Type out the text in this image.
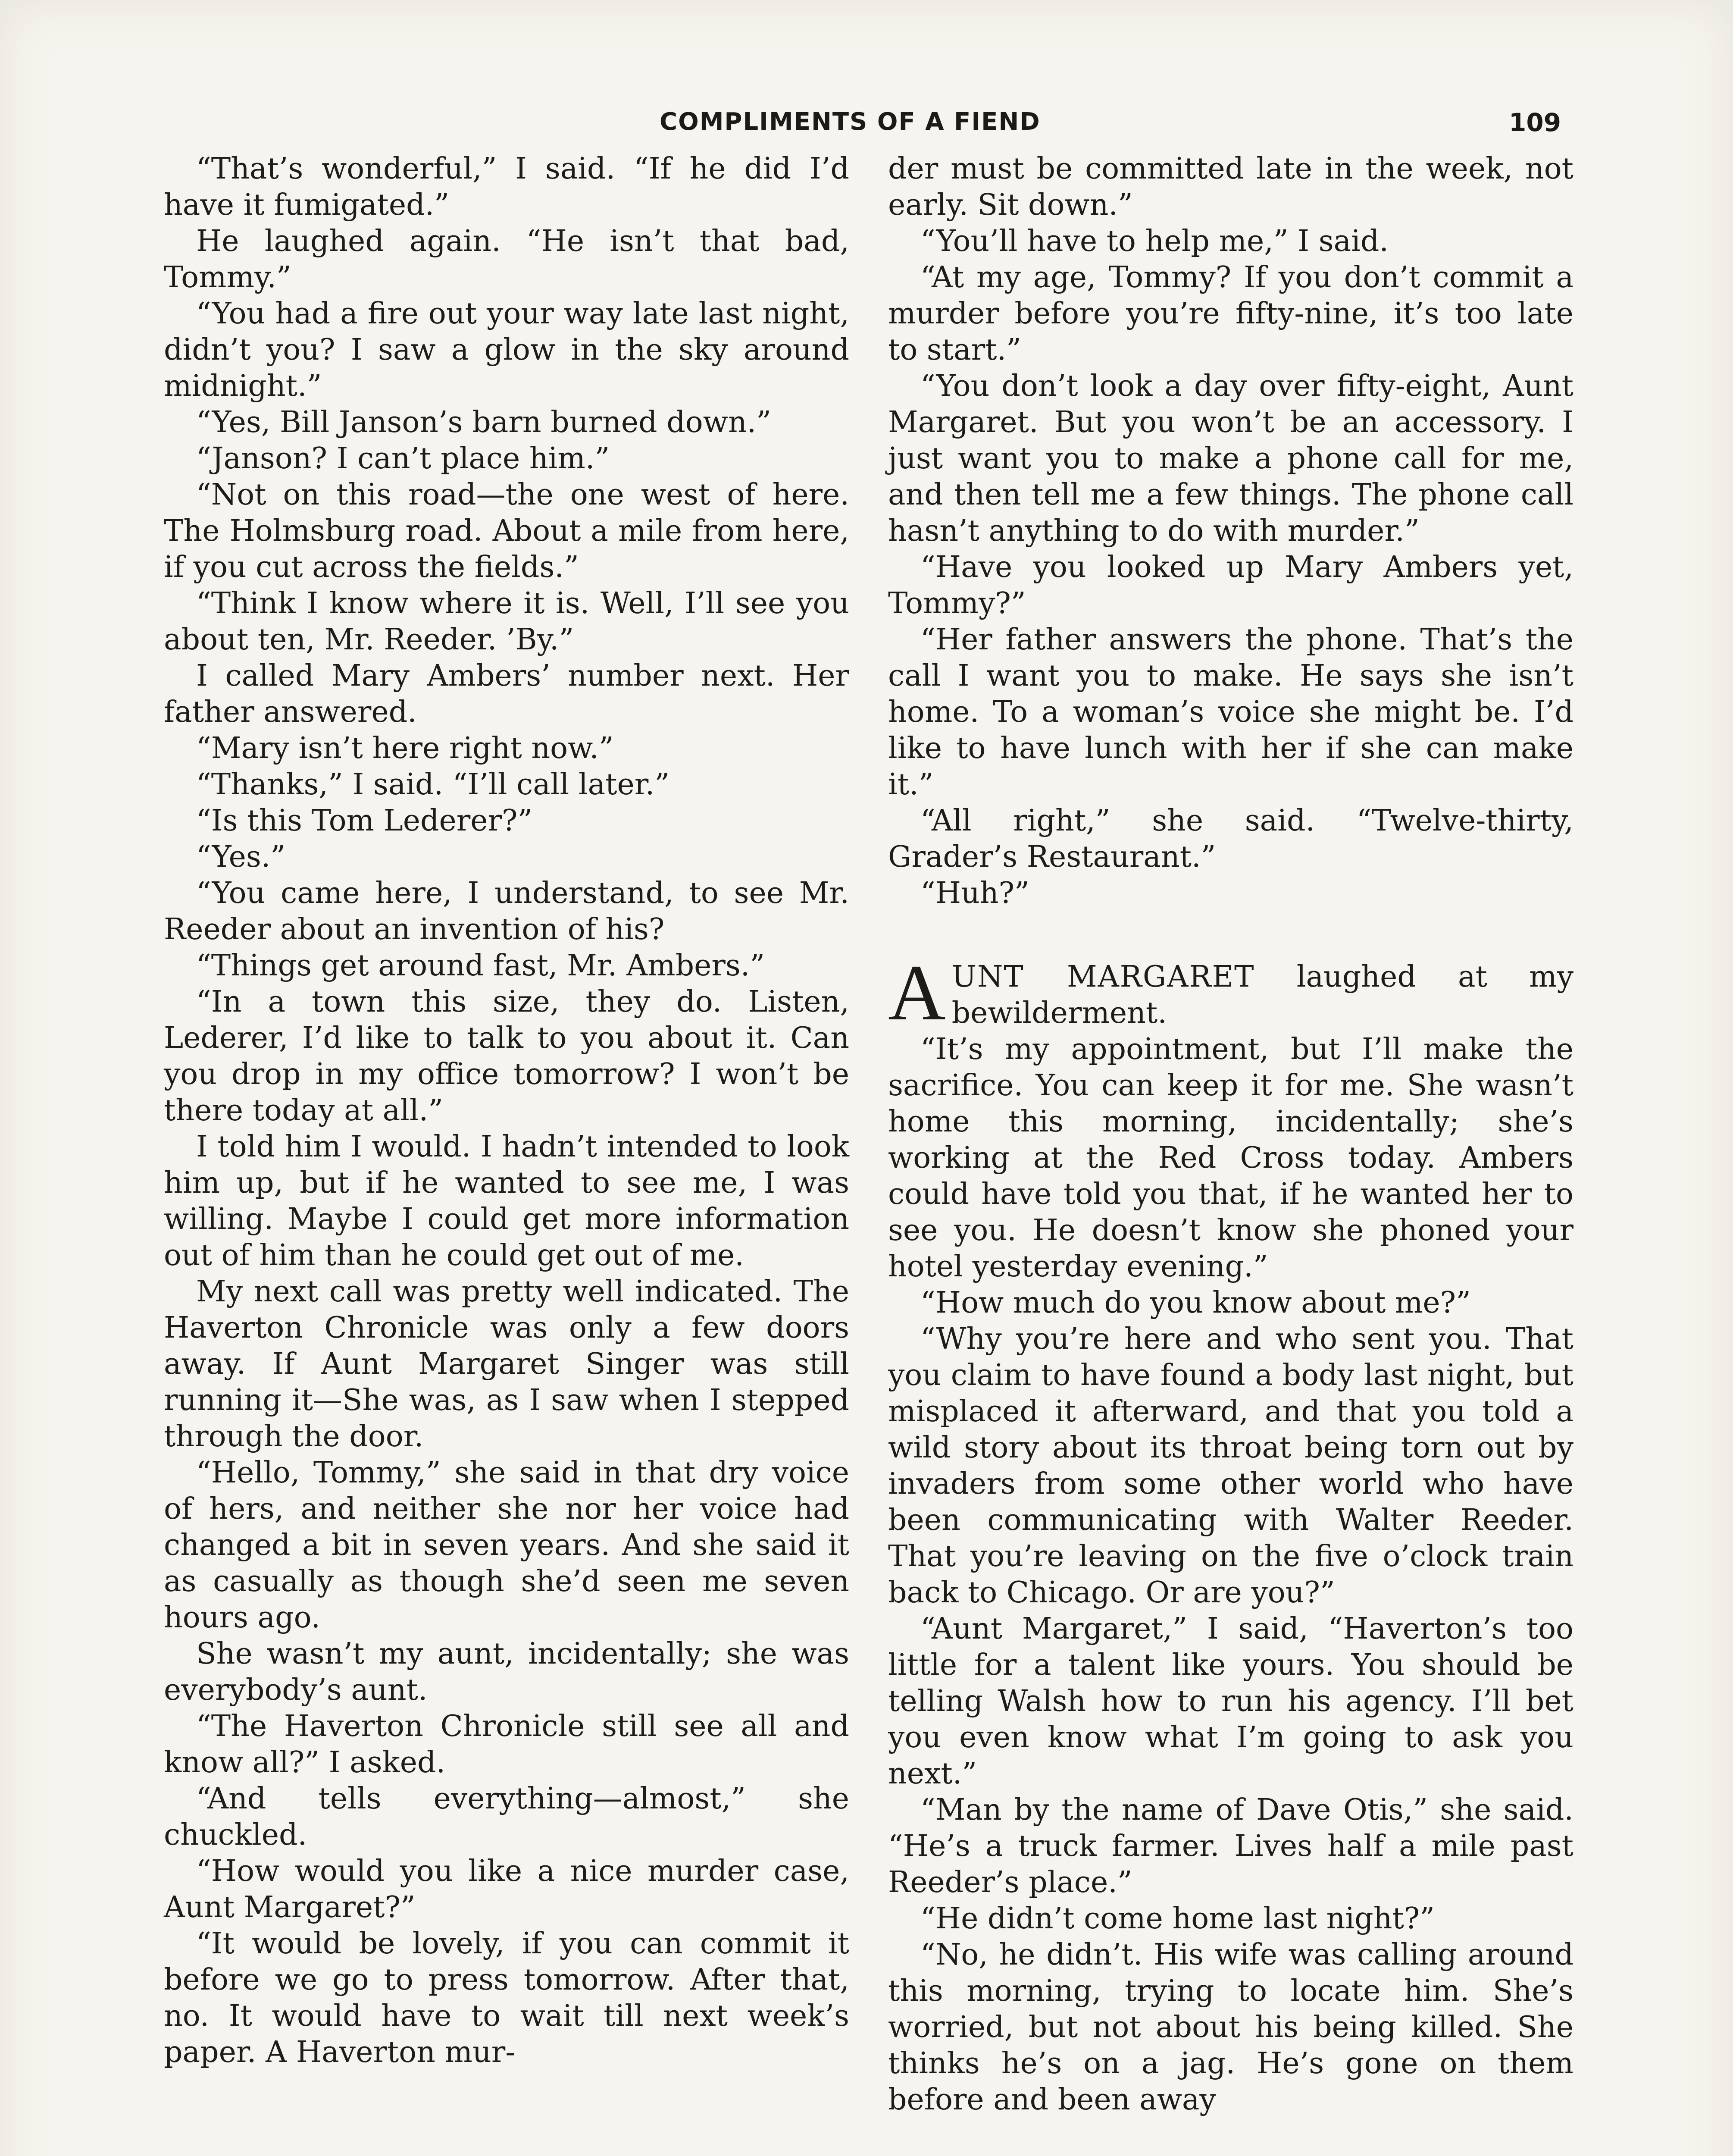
COMPLIMENTS OF A FIEND	109

“That’s wonderful,” I said. “If he did I’d have it fumigated.”

He laughed again. “He isn’t that bad, Tommy.”

“You had a fire out your way late last night, didn’t you? I saw a glow in the sky around midnight.”

“Yes, Bill Janson’s barn burned down.”

“Janson? I can’t place him.”

“Not on this road—the one west of here. The Holmsburg road. About a mile from here, if you cut across the fields.”

“Think I know where it is. Well, I’ll see you about ten, Mr. Reeder. ’By.”

I called Mary Ambers’ number next. Her father answered.

“Mary isn’t here right now.”

“Thanks,” I said. “I’ll call later.”

“Is this Tom Lederer?”

“Yes.”

“You came here, I understand, to see Mr. Reeder about an invention of his?

“Things get around fast, Mr. Ambers.”

“In a town this size, they do. Listen, Lederer, I’d like to talk to you about it. Can you drop in my office tomorrow? I won’t be there today at all.”

I told him I would. I hadn’t intended to look him up, but if he wanted to see me, I was willing. Maybe I could get more information out of him than he could get out of me.

My next call was pretty well indicated. The Haverton Chronicle was only a few doors away. If Aunt Margaret Singer was still running it—She was, as I saw when I stepped through the door.

“Hello, Tommy,” she said in that dry voice of hers, and neither she nor her voice had changed a bit in seven years. And she said it as casually as though she’d seen me seven hours ago.

She wasn’t my aunt, incidentally; she was everybody’s aunt.

“The Haverton Chronicle still see all and know all?” I asked.

“And tells everything—almost,” she chuckled.

“How would you like a nice murder case, Aunt Margaret?”

“It would be lovely, if you can commit it before we go to press tomorrow. After that, no. It would have to wait till next week’s paper. A Haverton mur-

der must be committed late in the week, not early. Sit down.”

“You’ll have to help me,” I said.

“At my age, Tommy? If you don’t commit a murder before you’re fifty-nine, it’s too late to start.”

“You don’t look a day over fifty-eight, Aunt Margaret. But you won’t be an accessory. I just want you to make a phone call for me, and then tell me a few things. The phone call hasn’t anything to do with murder.”

“Have you looked up Mary Ambers yet, Tommy?”

“Her father answers the phone. That’s the call I want you to make. He says she isn’t home. To a woman’s voice she might be. I’d like to have lunch with her if she can make it.”

“All right,” she said. “Twelve-thirty, Grader’s Restaurant.”

“Huh?”

AUNT MARGARET laughed at my bewilderment.

“It’s my appointment, but I’ll make the sacrifice. You can keep it for me. She wasn’t home this morning, incidentally; she’s working at the Red Cross today. Ambers could have told you that, if he wanted her to see you. He doesn’t know she phoned your hotel yesterday evening.”

“How much do you know about me?”

“Why you’re here and who sent you. That you claim to have found a body last night, but misplaced it afterward, and that you told a wild story about its throat being torn out by invaders from some other world who have been communicating with Walter Reeder. That you’re leaving on the five o’clock train back to Chicago. Or are you?”

“Aunt Margaret,” I said, “Haverton’s too little for a talent like yours. You should be telling Walsh how to run his agency. I’ll bet you even know what I’m going to ask you next.”

“Man by the name of Dave Otis,” she said. “He’s a truck farmer. Lives half a mile past Reeder’s place.”

“He didn’t come home last night?”

“No, he didn’t. His wife was calling around this morning, trying to locate him. She’s worried, but not about his being killed. She thinks he’s on a jag. He’s gone on them before and been away
